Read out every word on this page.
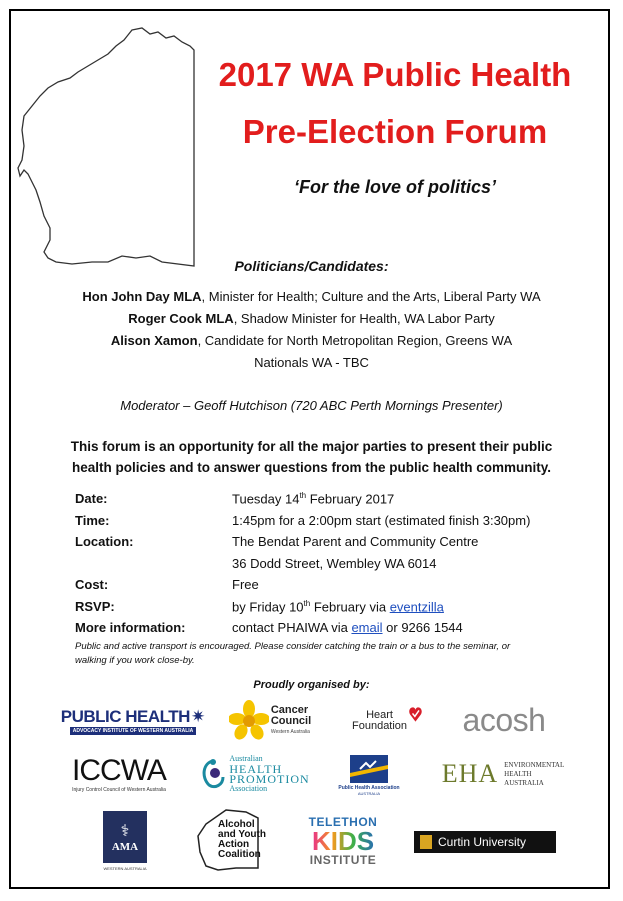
2017 WA Public Health
Pre-Election Forum
‘For the love of politics’
Politicians/Candidates:
Hon John Day MLA, Minister for Health; Culture and the Arts, Liberal Party WA
Roger Cook MLA, Shadow Minister for Health, WA Labor Party
Alison Xamon, Candidate for North Metropolitan Region, Greens WA
Nationals WA - TBC
Moderator – Geoff Hutchison (720 ABC Perth Mornings Presenter)
This forum is an opportunity for all the major parties to present their public
health policies and to answer questions from the public health community.
Date:	Tuesday 14th February 2017
Time:	1:45pm for a 2:00pm start (estimated finish 3:30pm)
Location:	The Bendat Parent and Community Centre
36 Dodd Street, Wembley WA 6014
Cost:	Free
RSVP:	by Friday 10th February via eventzilla
More information:	contact PHAIWA via email or 9266 1544
Public and active transport is encouraged. Please consider catching the train or a bus to the seminar, or
walking if you work close-by.
Proudly organised by:
PUBLIC HEALTH ✷
ADVOCACY INSTITUTE OF WESTERN AUSTRALIA
Cancer
Council
Western Australia
Heart
Foundation acosh
ICCWA
Injury Control Council of Western Australia
Australian
HEALTH
PROMOTION
Association	Public Health Association
AUSTRALIA
EHA ENVIRONMENTAL
HEALTH
AUSTRALIA
⚕
AMA
WESTERN AUSTRALIA
Alcohol
and Youth
Action
Coalition
TELETHON
KIDS
INSTITUTE
Curtin University
